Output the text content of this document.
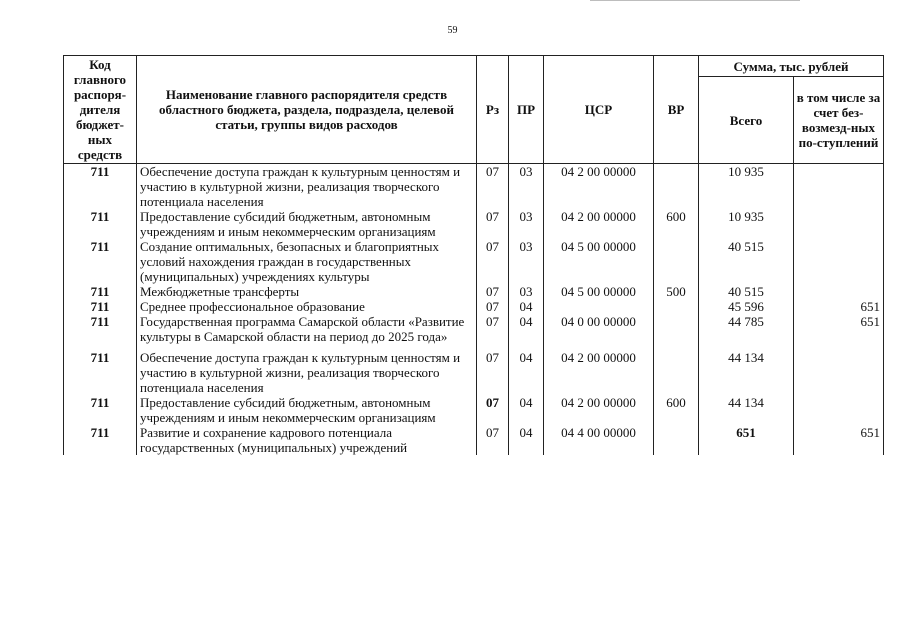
59
Код главного распоря-дителя бюджет-ных средств	Наименование главного распорядителя средств областного бюджета, раздела, подраздела, целевой статьи, группы видов расходов	Рз	ПР	ЦСР	ВР	Сумма, тыс. рублей	
						Всего	в том числе за счет без-возмезд-ных по-ступлений
711	Обеспечение доступа граждан к культурным ценностям и участию в культурной жизни, реализация творческого потенциала населения	07	03	04 2 00 00000		10 935	
711	Предоставление субсидий бюджетным, автономным учреждениям и иным некоммерческим организациям	07	03	04 2 00 00000	600	10 935	
711	Создание оптимальных, безопасных и благоприятных условий нахождения граждан в государственных (муниципальных) учреждениях культуры	07	03	04 5 00 00000		40 515	
711	Межбюджетные трансферты	07	03	04 5 00 00000	500	40 515	
711	Среднее профессиональное образование	07	04			45 596	651
711	Государственная программа Самарской области «Развитие культуры в Самарской области на период до 2025 года»	07	04	04 0 00 00000		44 785	651
711	Обеспечение доступа граждан к культурным ценностям и участию в культурной жизни, реализация творческого потенциала населения	07	04	04 2 00 00000		44 134	
711	Предоставление субсидий бюджетным, автономным учреждениям и иным некоммерческим организациям	07	04	04 2 00 00000	600	44 134	
711	Развитие и сохранение кадрового потенциала государственных (муниципальных) учреждений	07	04	04 4 00 00000		651	651
